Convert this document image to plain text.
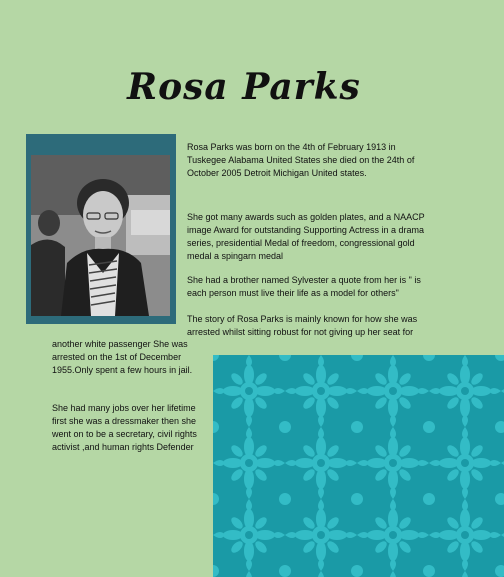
Rosa Parks

Rosa Parks was born on the 4th of February 1913 in Tuskegee Alabama United States she died on the 24th of October 2005 Detroit Michigan United states.

She got many awards such as golden plates, and a NAACP image Award for outstanding Supporting Actress in a drama series, presidential Medal of freedom, congressional gold medal a spingarn medal

She had a brother named Sylvester a quote from her is " is each person must live their life as a model for others"

The story of Rosa Parks is mainly known for how she was arrested whilst sitting robust for not giving up her seat for

another white passenger She was arrested on the 1st of December 1955.Only spent a few hours in jail.

She had many jobs over her lifetime first she was a dressmaker then she went on to be a secretary, civil rights activist ,and human rights Defender
